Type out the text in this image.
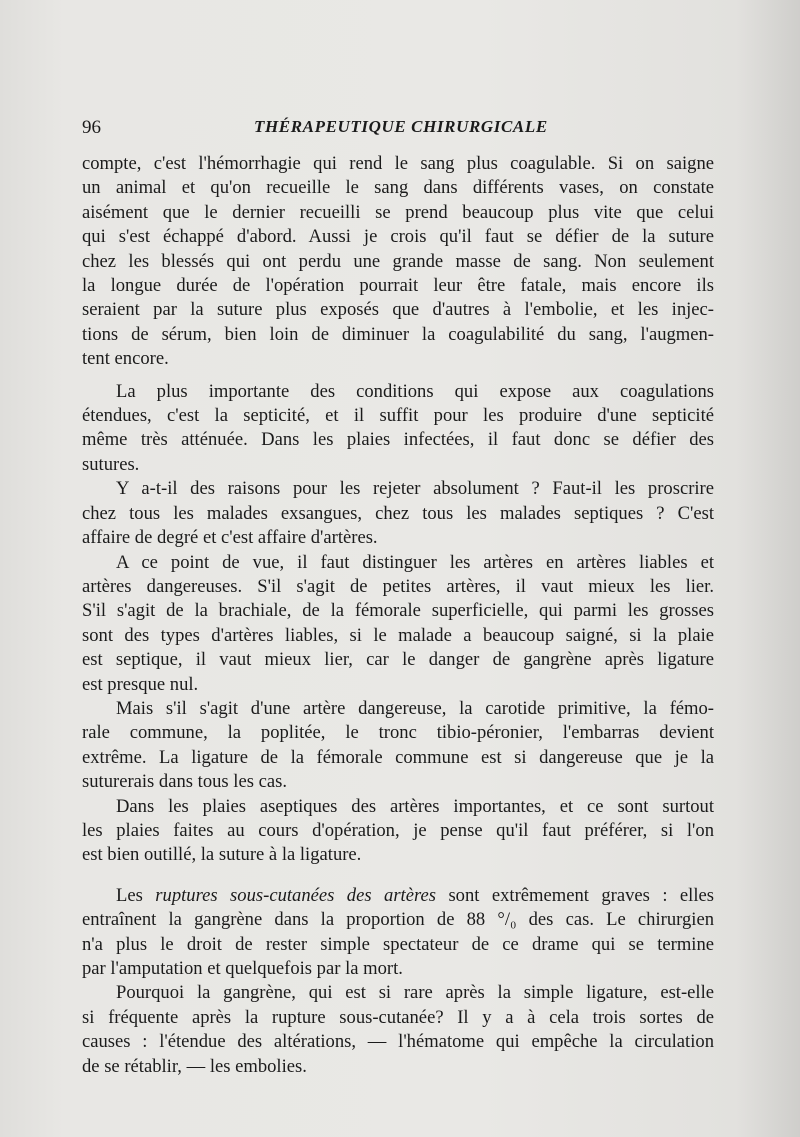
96	THÉRAPEUTIQUE CHIRURGICALE

compte, c'est l'hémorrhagie qui rend le sang plus coagulable. Si on saigne
un animal et qu'on recueille le sang dans différents vases, on constate
aisément que le dernier recueilli se prend beaucoup plus vite que celui
qui s'est échappé d'abord. Aussi je crois qu'il faut se défier de la suture
chez les blessés qui ont perdu une grande masse de sang. Non seulement
la longue durée de l'opération pourrait leur être fatale, mais encore ils
seraient par la suture plus exposés que d'autres à l'embolie, et les injec-
tions de sérum, bien loin de diminuer la coagulabilité du sang, l'augmen-
tent encore.

La plus importante des conditions qui expose aux coagulations
étendues, c'est la septicité, et il suffit pour les produire d'une septicité
même très atténuée. Dans les plaies infectées, il faut donc se défier des
sutures.

Y a-t-il des raisons pour les rejeter absolument ? Faut-il les proscrire
chez tous les malades exsangues, chez tous les malades septiques ? C'est
affaire de degré et c'est affaire d'artères.

A ce point de vue, il faut distinguer les artères en artères liables et
artères dangereuses. S'il s'agit de petites artères, il vaut mieux les lier.
S'il s'agit de la brachiale, de la fémorale superficielle, qui parmi les grosses
sont des types d'artères liables, si le malade a beaucoup saigné, si la plaie
est septique, il vaut mieux lier, car le danger de gangrène après ligature
est presque nul.

Mais s'il s'agit d'une artère dangereuse, la carotide primitive, la fémo-
rale commune, la poplitée, le tronc tibio-péronier, l'embarras devient
extrême. La ligature de la fémorale commune est si dangereuse que je la
suturerais dans tous les cas.

Dans les plaies aseptiques des artères importantes, et ce sont surtout
les plaies faites au cours d'opération, je pense qu'il faut préférer, si l'on
est bien outillé, la suture à la ligature.

Les ruptures sous-cutanées des artères sont extrêmement graves : elles
entraînent la gangrène dans la proportion de 88 °/₀ des cas. Le chirurgien
n'a plus le droit de rester simple spectateur de ce drame qui se termine
par l'amputation et quelquefois par la mort.

Pourquoi la gangrène, qui est si rare après la simple ligature, est-elle
si fréquente après la rupture sous-cutanée? Il y a à cela trois sortes de
causes : l'étendue des altérations, — l'hématome qui empêche la circulation
de se rétablir, — les embolies.
